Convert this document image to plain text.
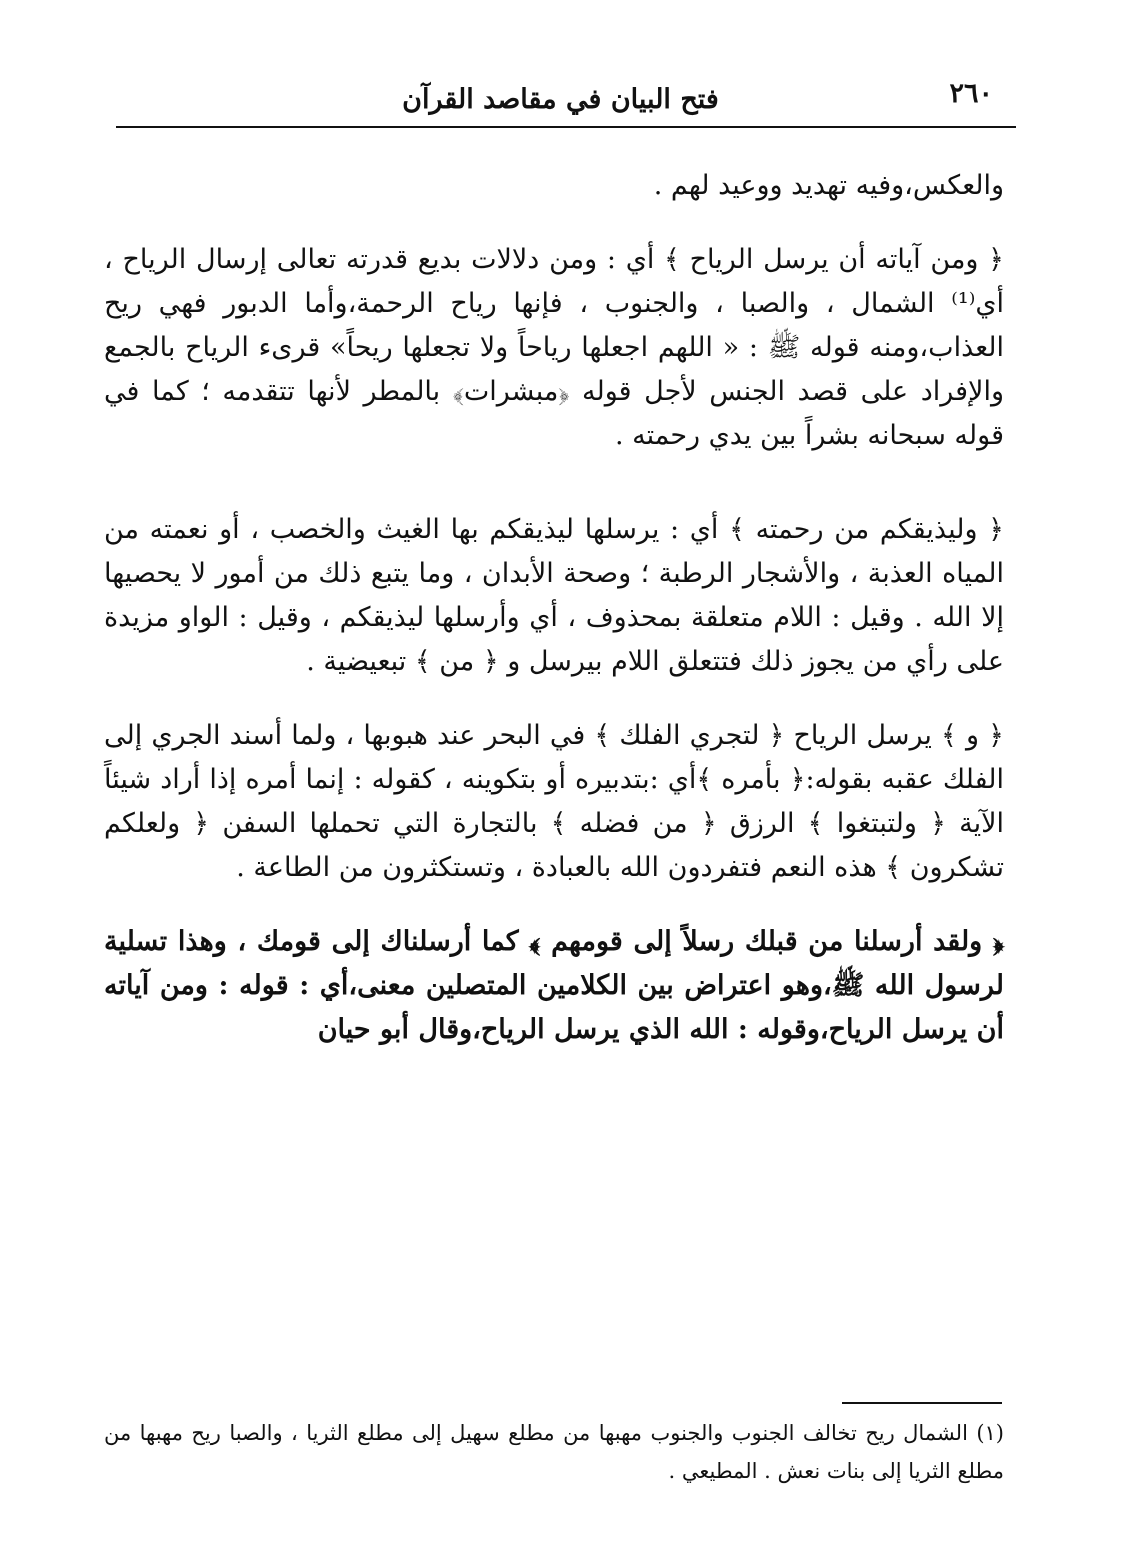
٢٦٠
فتح البيان في مقاصد القرآن

والعكس،وفيه تهديد ووعيد لهم .

﴿ ومن آياته أن يرسل الرياح ﴾ أي : ومن دلالات بديع قدرته تعالى إرسال الرياح ، أي⁽¹⁾ الشمال ، والصبا ، والجنوب ، فإنها رياح الرحمة،وأما الدبور فهي ريح العذاب،ومنه قوله ﷺ : « اللهم اجعلها رياحاً ولا تجعلها ريحاً» قرىء الرياح بالجمع والإفراد على قصد الجنس لأجل قوله ﴿مبشرات﴾ بالمطر لأنها تتقدمه ؛ كما في قوله سبحانه بشراً بين يدي رحمته .

﴿ وليذيقكم من رحمته ﴾ أي : يرسلها ليذيقكم بها الغيث والخصب ، أو نعمته من المياه العذبة ، والأشجار الرطبة ؛ وصحة الأبدان ، وما يتبع ذلك من أمور لا يحصيها إلا الله . وقيل : اللام متعلقة بمحذوف ، أي وأرسلها ليذيقكم ، وقيل : الواو مزيدة على رأي من يجوز ذلك فتتعلق اللام بيرسل و ﴿ من ﴾ تبعيضية .

﴿ و ﴾ يرسل الرياح ﴿ لتجري الفلك ﴾ في البحر عند هبوبها ، ولما أسند الجري إلى الفلك عقبه بقوله:﴿ بأمره ﴾أي :بتدبيره أو بتكوينه ، كقوله : إنما أمره إذا أراد شيئاً الآية ﴿ ولتبتغوا ﴾ الرزق ﴿ من فضله ﴾ بالتجارة التي تحملها السفن ﴿ ولعلكم تشكرون ﴾ هذه النعم فتفردون الله بالعبادة ، وتستكثرون من الطاعة .

﴿ ولقد أرسلنا من قبلك رسلاً إلى قومهم ﴾ كما أرسلناك إلى قومك ، وهذا تسلية لرسول الله ﷺ،وهو اعتراض بين الكلامين المتصلين معنى،أي : قوله : ومن آياته أن يرسل الرياح،وقوله : الله الذي يرسل الرياح،وقال أبو حيان

(١) الشمال ريح تخالف الجنوب والجنوب مهبها من مطلع سهيل إلى مطلع الثريا ، والصبا ريح مهبها من مطلع الثريا إلى بنات نعش . المطيعي .
